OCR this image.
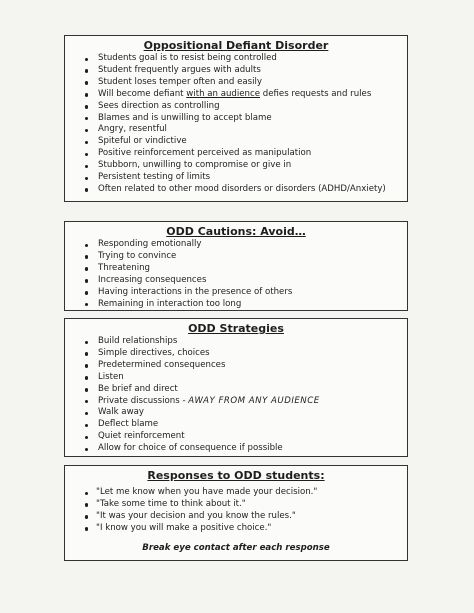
Oppositional Defiant Disorder
Students goal is to resist being controlled
Student frequently argues with adults
Student loses temper often and easily
Will become defiant with an audience defies requests and rules
Sees direction as controlling
Blames and is unwilling to accept blame
Angry, resentful
Spiteful or vindictive
Positive reinforcement perceived as manipulation
Stubborn, unwilling to compromise or give in
Persistent testing of limits
Often related to other mood disorders or disorders (ADHD/Anxiety)
ODD Cautions: Avoid…
Responding emotionally
Trying to convince
Threatening
Increasing consequences
Having interactions in the presence of others
Remaining in interaction too long
ODD Strategies
Build relationships
Simple directives, choices
Predetermined consequences
Listen
Be brief and direct
Private discussions - AWAY FROM ANY AUDIENCE
Walk away
Deflect blame
Quiet reinforcement
Allow for choice of consequence if possible
Responses to ODD students:
"Let me know when you have made your decision."
"Take some time to think about it."
"It was your decision and you know the rules."
"I know you will make a positive choice."

Break eye contact after each response
